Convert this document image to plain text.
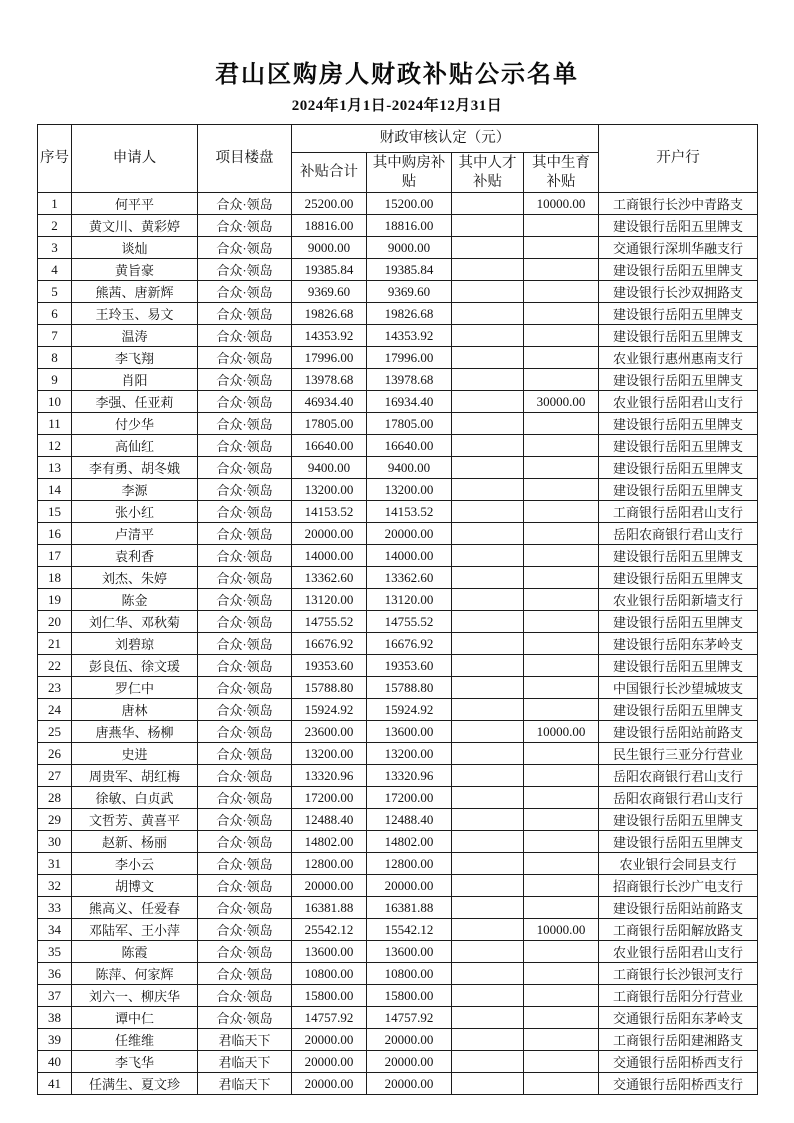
君山区购房人财政补贴公示名单
2024年1月1日-2024年12月31日
序号	申请人	项目楼盘	财政审核认定（元）				开户行
			补贴合计	其中购房补贴	其中人才补贴	其中生育补贴	
1	何平平	合众·领岛	25200.00	15200.00		10000.00	工商银行长沙中青路支
2	黄文川、黄彩婷	合众·领岛	18816.00	18816.00			建设银行岳阳五里牌支
3	谈灿	合众·领岛	9000.00	9000.00			交通银行深圳华融支行
4	黄旨豪	合众·领岛	19385.84	19385.84			建设银行岳阳五里牌支
5	熊茜、唐新辉	合众·领岛	9369.60	9369.60			建设银行长沙双拥路支
6	王玲玉、易文	合众·领岛	19826.68	19826.68			建设银行岳阳五里牌支
7	温涛	合众·领岛	14353.92	14353.92			建设银行岳阳五里牌支
8	李飞翔	合众·领岛	17996.00	17996.00			农业银行惠州惠南支行
9	肖阳	合众·领岛	13978.68	13978.68			建设银行岳阳五里牌支
10	李强、任亚莉	合众·领岛	46934.40	16934.40		30000.00	农业银行岳阳君山支行
11	付少华	合众·领岛	17805.00	17805.00			建设银行岳阳五里牌支
12	高仙红	合众·领岛	16640.00	16640.00			建设银行岳阳五里牌支
13	李有勇、胡冬娥	合众·领岛	9400.00	9400.00			建设银行岳阳五里牌支
14	李源	合众·领岛	13200.00	13200.00			建设银行岳阳五里牌支
15	张小红	合众·领岛	14153.52	14153.52			工商银行岳阳君山支行
16	卢清平	合众·领岛	20000.00	20000.00			岳阳农商银行君山支行
17	袁利香	合众·领岛	14000.00	14000.00			建设银行岳阳五里牌支
18	刘杰、朱婷	合众·领岛	13362.60	13362.60			建设银行岳阳五里牌支
19	陈金	合众·领岛	13120.00	13120.00			农业银行岳阳新墙支行
20	刘仁华、邓秋菊	合众·领岛	14755.52	14755.52			建设银行岳阳五里牌支
21	刘碧琼	合众·领岛	16676.92	16676.92			建设银行岳阳东茅岭支
22	彭良伍、徐文瑗	合众·领岛	19353.60	19353.60			建设银行岳阳五里牌支
23	罗仁中	合众·领岛	15788.80	15788.80			中国银行长沙望城坡支
24	唐林	合众·领岛	15924.92	15924.92			建设银行岳阳五里牌支
25	唐燕华、杨柳	合众·领岛	23600.00	13600.00		10000.00	建设银行岳阳站前路支
26	史进	合众·领岛	13200.00	13200.00			民生银行三亚分行营业
27	周贵军、胡红梅	合众·领岛	13320.96	13320.96			岳阳农商银行君山支行
28	徐敏、白贞武	合众·领岛	17200.00	17200.00			岳阳农商银行君山支行
29	文哲芳、黄喜平	合众·领岛	12488.40	12488.40			建设银行岳阳五里牌支
30	赵新、杨丽	合众·领岛	14802.00	14802.00			建设银行岳阳五里牌支
31	李小云	合众·领岛	12800.00	12800.00			农业银行会同县支行
32	胡博文	合众·领岛	20000.00	20000.00			招商银行长沙广电支行
33	熊高义、任爱春	合众·领岛	16381.88	16381.88			建设银行岳阳站前路支
34	邓陆军、王小萍	合众·领岛	25542.12	15542.12		10000.00	工商银行岳阳解放路支
35	陈霞	合众·领岛	13600.00	13600.00			农业银行岳阳君山支行
36	陈萍、何家辉	合众·领岛	10800.00	10800.00			工商银行长沙银河支行
37	刘六一、柳庆华	合众·领岛	15800.00	15800.00			工商银行岳阳分行营业
38	谭中仁	合众·领岛	14757.92	14757.92			交通银行岳阳东茅岭支
39	任维维	君临天下	20000.00	20000.00			工商银行岳阳建湘路支
40	李飞华	君临天下	20000.00	20000.00			交通银行岳阳桥西支行
41	任满生、夏文珍	君临天下	20000.00	20000.00			交通银行岳阳桥西支行
